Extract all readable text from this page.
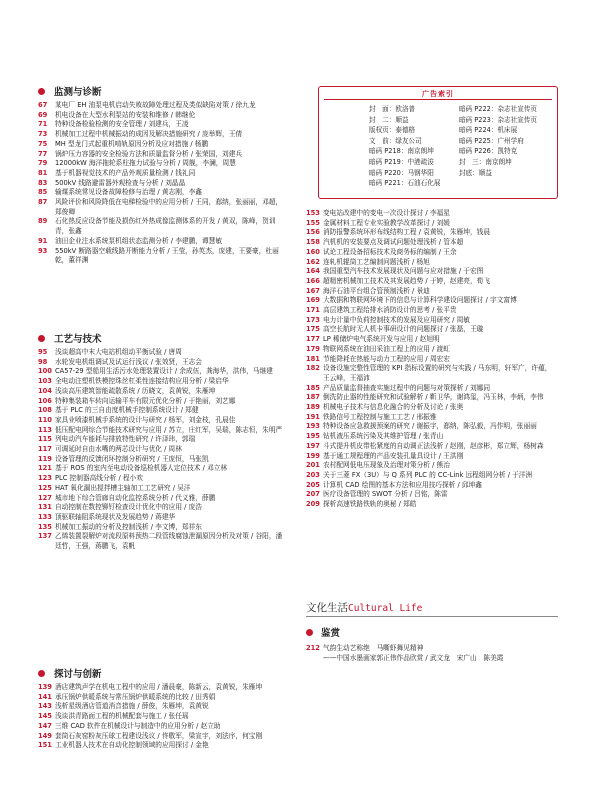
监测与诊断
67	某电厂 EH 油泵电机启动失败故障处理过程及类似缺陷对策 / 徐九龙
69	机电设备在大型水利泵站的安装和维修 / 韩继伦
71	特种设备检验检测的安全管理 / 刘建兵，王凌
73	机械加工过程中机械振动的成因及解决措施研究 / 庞举辉，王倩
75	MH 型龙门式起重机啃轨原因分析及应对措施 / 杨鹏
77	锅炉压力容器的安全检验方法和质量监督分析 / 张荣国，刘建兵
79	12000kW 海洋拖轮系柱拖力试验与分析 / 周舰，李澜，周慧
81	基于机器视觉技术的产品外观质量检测 / 钱礼同
83	500kV 线路避雷器外观检查与分析 / 刘晶晶
85	输煤系统常见设备故障检修与治理 / 黄志刚，李鑫
87	风险评价和风险降低在电梯检验中的应用分析 / 王同，郄纳，张丽丽，邓超，郑俊卿
89	石化热反应设备节能及损伤红外热成像监测体系的开发 / 黄双，陈峰，贺训青，张鑫
91	油田企业注水系统泵机组状态监测分析 / 李建鹏，谭慧敏
93	550kV 断路器空载线路开断能力分析 / 王莹，孙英杰，庞建，王要豪，杜丽乾，董祥渊
工艺与技术
95	浅谈超高中末大电站机组动平衡试验 / 唐周
98	水轮发电机组调试及试运行浅议 / 张效贤，王志会
100 CA57-29 型船用生活污水处理装置设计 / 余成伍，龚海华，洪伟，马继建
103 全电动注塑机铁模控珠丝杠柔性连接结构应用分析 / 梁启华
104 浅谈高压建筑智能疏散系统 / 历晓文，袁黄锐，朱雁坤
106 特种集装箱车转向运输平车有限元优化分析 / 于艳丽，刘艺娜
108 基于 PLC 的三自由度机械手控制系统设计 / 郑健
110 家具业喷漆机械手系统的设计与研究 / 杨军，刘金枝，孔晨佳
113 低压配电网综合节能技术研究与应用 / 苏立，庄红军，吴瑞，陈志恒，朱明严
115 列电动汽车能耗与排放特性研究 / 许泽玮，郭瑞
117 可调延时自由水嘴的两芯设计与优化 / 周林
119 设备管理的反馈闭环控制分析研究 / 王庞恒，马张凯
121 基于 ROS 的室内至电动设备巡检机器人定位技术 / 邓立林
123 PLC 控制器高线分析 / 程小欢
125 HAT 氧化漏出搅拌槽主轴加工工艺研究 / 吴洋
127 城市地下综合管廊自动化监控系统分析 / 代义雅，薛鹏
131 自动控制在数控铆钉检查设计优化中的应用 / 庞浩
133 顶驱联轴阻系统现状及发展趋势 / 蒋建华
135 机械加工振动的分析及控制浅析 / 李文博，郑祥东
137 乙烯装置裂解炉对流段原料预热二段管线腐蚀泄漏原因分析及对策 / 谷阳，潘廷哲，王强，蒋鹏飞，袁帆
探讨与创新
139 酒店建筑声学在机电工程中的应用 / 潘晨豪，陈新云，袁黄锐，朱雁坤
141 承压锅炉供暖系统与常压锅炉供暖系统的比较 / 田秀娟
143 浅析星级酒店管道消音措施 / 薛俊，朱雁坤，袁黄锐
145 浅谈洪青路面工程的机械配套与施工 / 张任瑶
147 三维 CAD 软件在机械设计与制造中的应用分析 / 赵立助
149 套筒石灰窑粉灰压球工程建设浅议 / 佟敬军，梁宣宇，刘法序，何宝刚
151 工业机器人技术在自动化控制领域的应用探讨 / 金艳
广告索引
封　面：欧洛普	暗码 P222：杂志社宣传页
封　二：顺益	暗码 P223：杂志社宣传页
版权页：泰德格	暗码 P224：机床展
文　前：绿友公司	暗码 P225：广州学府
暗码 P218：南京朗坤	暗码 P226：凯特克
暗码 P219：中港疏浚	封　三：南京朗坤
暗码 P220：马钢华阳	封底：顺益
暗码 P221：石油石化展
153 变电站改建中的变电一次设计探讨 / 李福星
155 金属材料工程专业实验教学改革探讨 / 刘媛
156 消防报警系统环形布线结构工程 / 袁黄锐，朱雁坤，钱晨
158 汽机机的安装要点及调试问题处理浅析 / 管本超
160 试论工程设备招标技术及商务标的编制 / 王余
162 连轧机辊筒工艺编制问题浅析 / 杨旭
164 我国重型汽车技术发展现状及问题与应对措施 / 于宏图
166 超精密机械加工技术及其发展趋势 / 于婷，赵建亮，荀飞
167 海洋石油平台组合管预制浅析 / 景迪
169 大数据和物联网环境下的信息与计算科学建设问题探讨 / 宇文富博
171 高层建筑工程给排水消防设计的思考 / 张平贵
173 电力计量中负荷控制技术的发展及应用研究 / 周敏
175 高空长航时无人机卡事研设计的问题探讨 / 张磊，王璇
177 LP 稀储炉电气系统开发与应用 / 赵旭明
179 物联网系统在油田采油工程上的应用 / 渡虹
181 节能降耗在热能与动力工程的应用 / 周宏宏
182 设备设施完整性管理的 KPI 指标设置的研究与实践 / 马东明，轩军广，许蕴，王云峰，王福沛
185 产品质量监督抽查实施过程中的问题与对策探析 / 刘娜同
187 倒洗防止器的性能研究和试验解析 / 靳卫华，谢鸿玺，冯玉林，李炳，李伟
189 机械电子技术与信息化融合的分析及讨论 / 张奥
191 铁路信号工程控制与施工工艺 / 邢振雅
193 特种设备应急救援预案的研究 / 谢振宇，郄纳，陈弘毅，冯作明，张丽丽
195 钻机液压系统污染及其维护管理 / 张青山
197 斗式提升机皮带松紧度的自动调正法浅析 / 赵刚，赵彦彬，郑立辉，杨树森
199 基于通工规程理的产品安装孔量具设计 / 王洪刚
201 农村配网低电压现象及治理对策分析 / 熊治
203 关于三菱 FX（3U）与 Q 系列 PLC 的 CC-Link 远程组网分析 / 于洋洲
205 计算机 CAD 绘图的基本方法和应用技巧探析 / 邱坤鑫
207 医疗设备管理的 SWOT 分析 / 吕铭，陈雷
209 探析高速铁路铁轨的奥秘 / 郑皓
文化生活Cultural Life
鉴赏
212 气韵生动艺称绝　马嘶虾舞见精神
——中国水墨画家郭正伟作品欣赏 / 武文龙　宋广山　陈美霞
